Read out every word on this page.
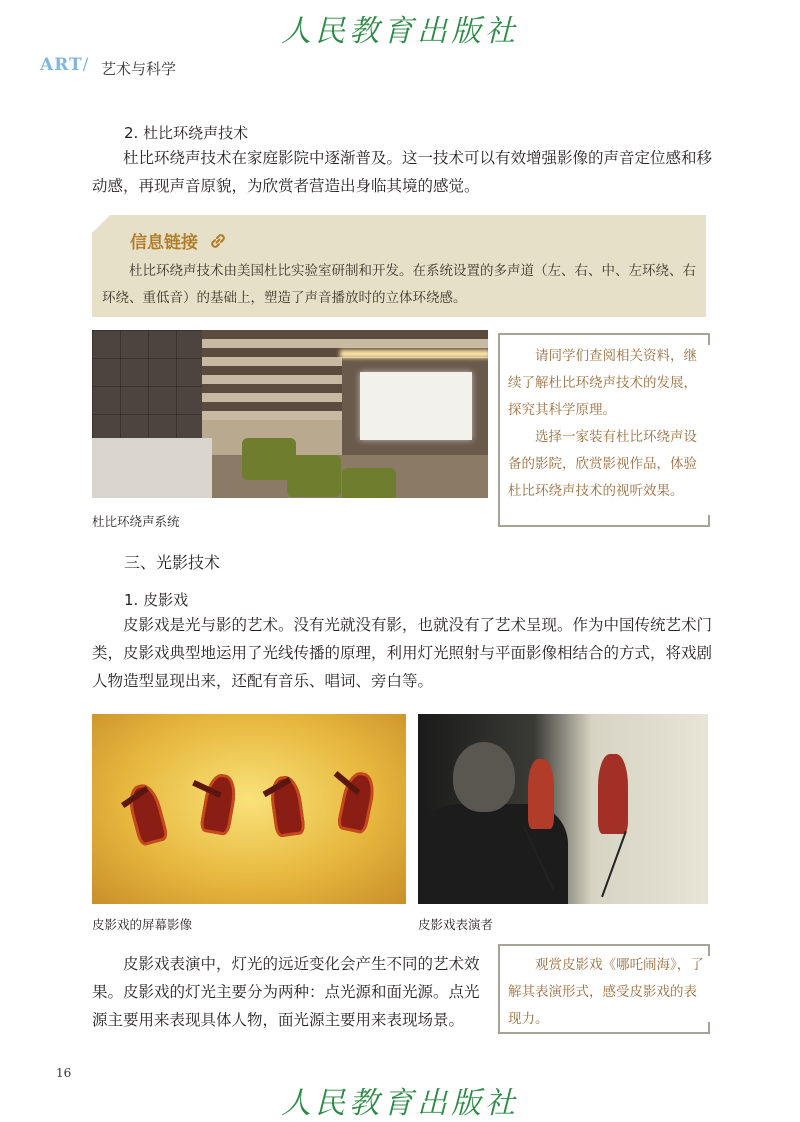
人民教育出版社
ART/ 艺术与科学
2. 杜比环绕声技术
杜比环绕声技术在家庭影院中逐渐普及。这一技术可以有效增强影像的声音定位感和移动感，再现声音原貌，为欣赏者营造出身临其境的感觉。
信息链接
杜比环绕声技术由美国杜比实验室研制和开发。在系统设置的多声道（左、右、中、左环绕、右环绕、重低音）的基础上，塑造了声音播放时的立体环绕感。
杜比环绕声系统
请同学们查阅相关资料，继续了解杜比环绕声技术的发展，探究其科学原理。
选择一家装有杜比环绕声设备的影院，欣赏影视作品，体验杜比环绕声技术的视听效果。
三、光影技术
1. 皮影戏
皮影戏是光与影的艺术。没有光就没有影，也就没有了艺术呈现。作为中国传统艺术门类，皮影戏典型地运用了光线传播的原理，利用灯光照射与平面影像相结合的方式，将戏剧人物造型显现出来，还配有音乐、唱词、旁白等。
皮影戏的屏幕影像	皮影戏表演者
皮影戏表演中，灯光的远近变化会产生不同的艺术效果。皮影戏的灯光主要分为两种：点光源和面光源。点光源主要用来表现具体人物，面光源主要用来表现场景。
观赏皮影戏《哪吒闹海》，了解其表演形式，感受皮影戏的表现力。
16
人民教育出版社
